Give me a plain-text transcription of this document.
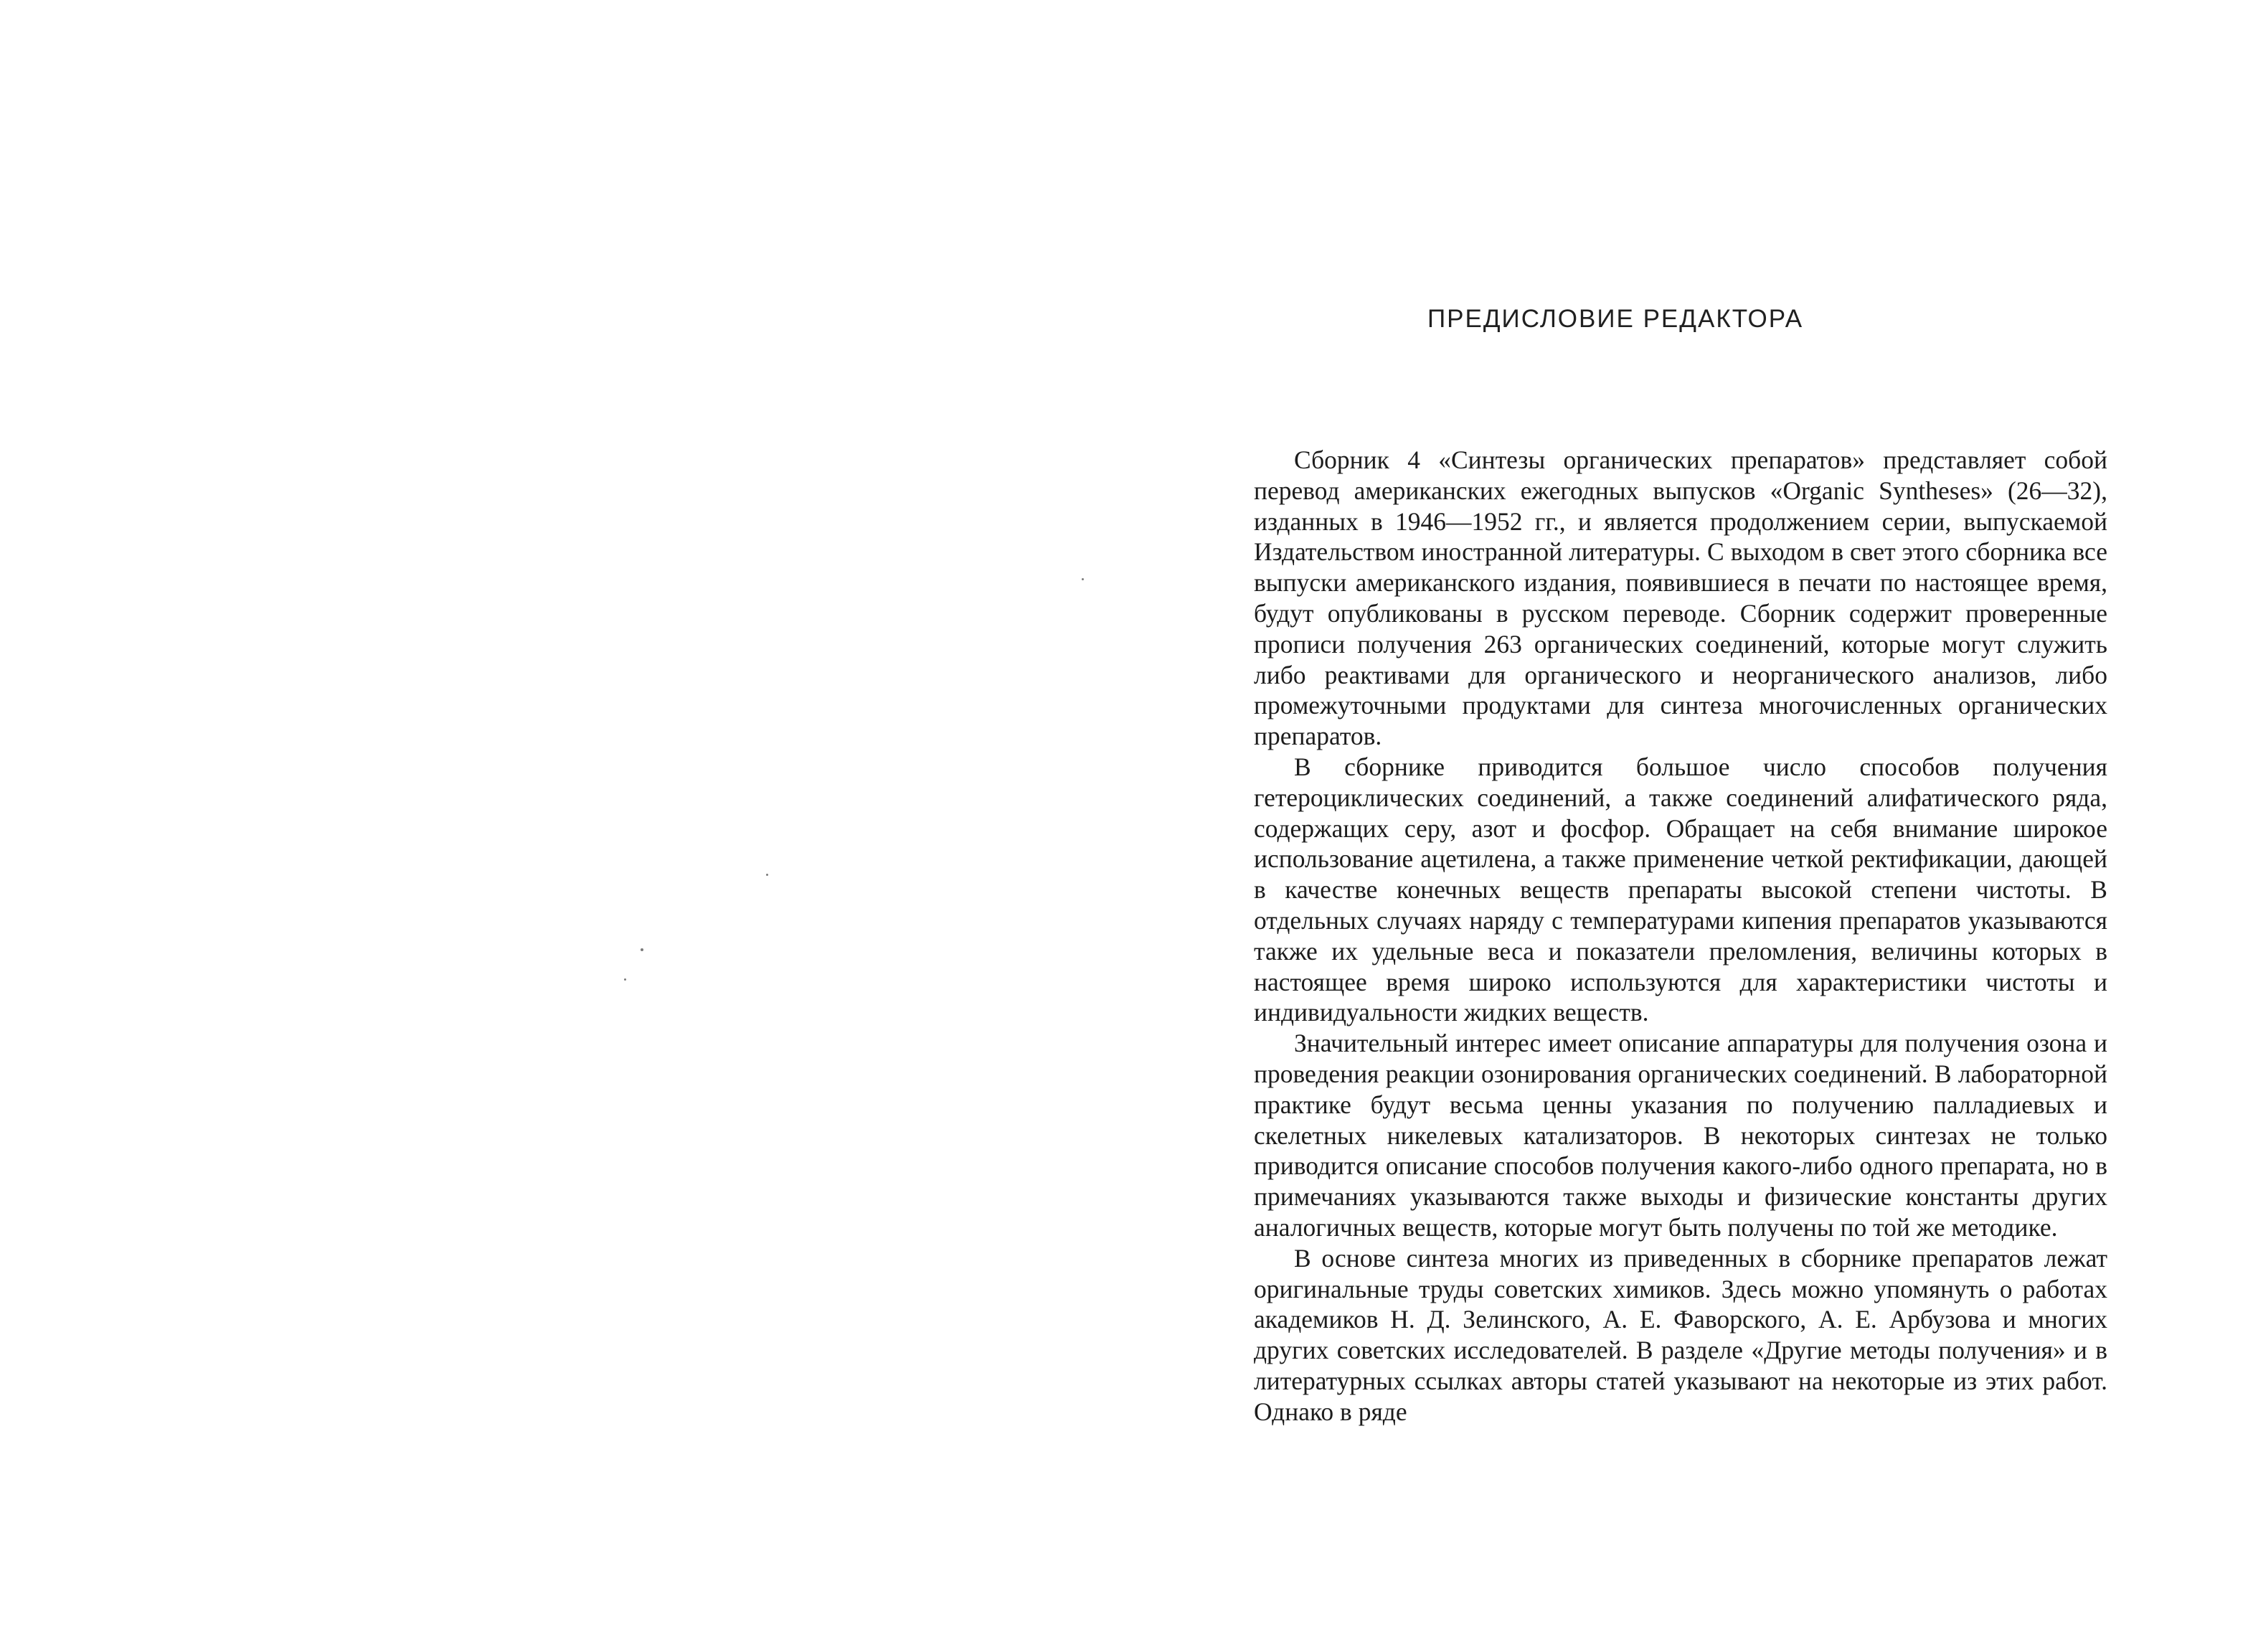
ПРЕДИСЛОВИЕ РЕДАКТОРА

Сборник 4 «Синтезы органических препаратов» представляет собой перевод американских ежегодных выпусков «Organic Syntheses» (26—32), изданных в 1946—1952 гг., и является продолжением серии, выпускаемой Издательством иностранной литературы. С выходом в свет этого сборника все выпуски американского издания, появившиеся в печати по настоящее время, будут опубликованы в русском переводе. Сборник содержит проверенные прописи получения 263 органических соединений, которые могут служить либо реактивами для органического и неорганического анализов, либо промежуточными продуктами для синтеза многочисленных органических препаратов.

В сборнике приводится большое число способов получения гетероциклических соединений, а также соединений алифатического ряда, содержащих серу, азот и фосфор. Обращает на себя внимание широкое использование ацетилена, а также применение четкой ректификации, дающей в качестве конечных веществ препараты высокой степени чистоты. В отдельных случаях наряду с температурами кипения препаратов указываются также их удельные веса и показатели преломления, величины которых в настоящее время широко используются для характеристики чистоты и индивидуальности жидких веществ.

Значительный интерес имеет описание аппаратуры для получения озона и проведения реакции озонирования органических соединений. В лабораторной практике будут весьма ценны указания по получению палладиевых и скелетных никелевых катализаторов. В некоторых синтезах не только приводится описание способов получения какого-либо одного препарата, но в примечаниях указываются также выходы и физические константы других аналогичных веществ, которые могут быть получены по той же методике.

В основе синтеза многих из приведенных в сборнике препаратов лежат оригинальные труды советских химиков. Здесь можно упомянуть о работах академиков Н. Д. Зелинского, А. Е. Фаворского, А. Е. Арбузова и многих других советских исследователей. В разделе «Другие методы получения» и в литературных ссылках авторы статей указывают на некоторые из этих работ. Однако в ряде
